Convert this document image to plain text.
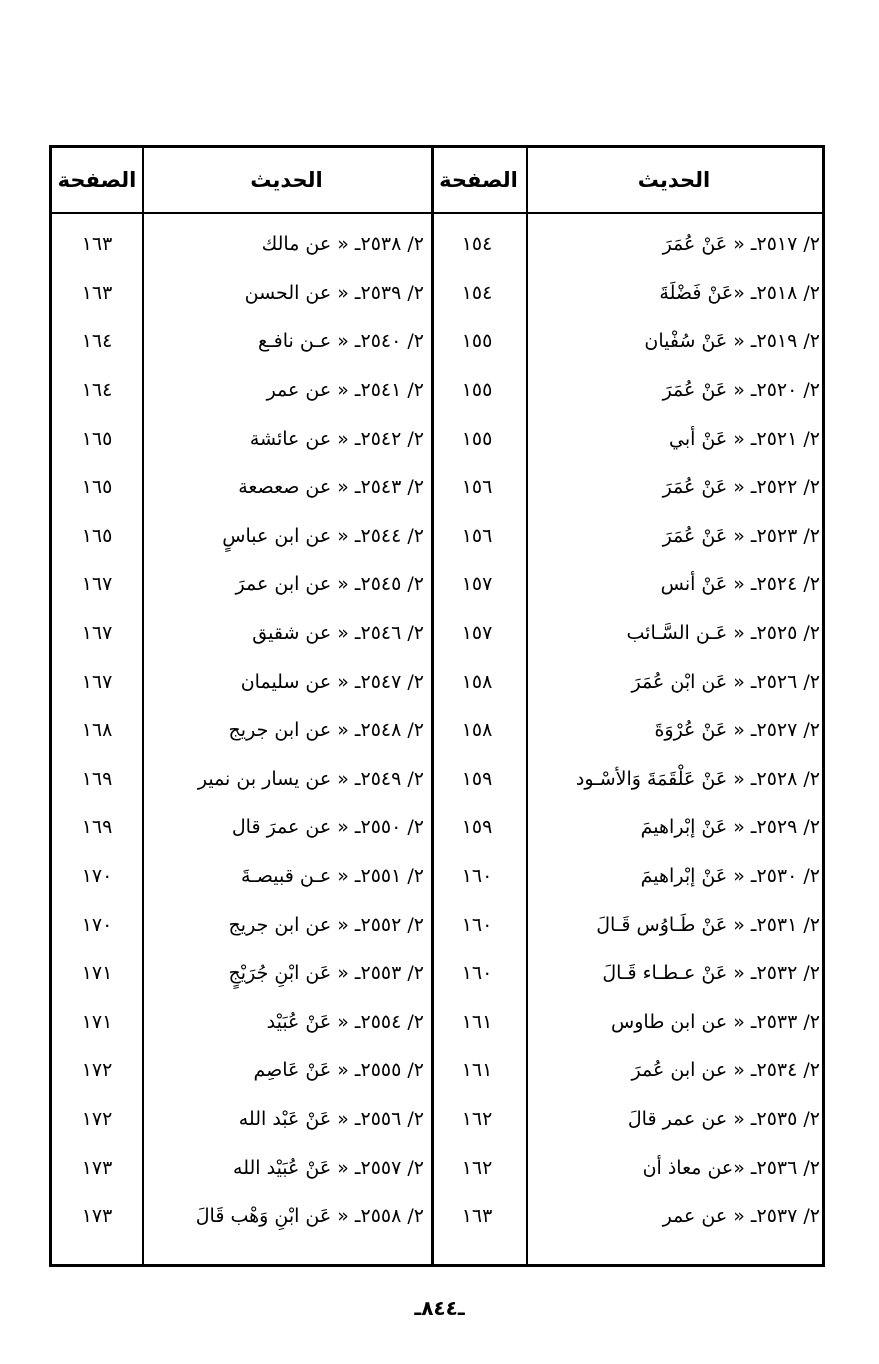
الحديث
الصفحة
الحديث
الصفحة
٢/ ٢٥١٧ـ « عَنْ عُمَرَ
١٥٤
٢/ ٢٥٣٨ـ « عن مالك
١٦٣
٢/ ٢٥١٨ـ «عَنْ فَضْلَةَ
١٥٤
٢/ ٢٥٣٩ـ « عن الحسن
١٦٣
٢/ ٢٥١٩ـ « عَنْ سُفْيان
١٥٥
٢/ ٢٥٤٠ـ « عـن نافـع
١٦٤
٢/ ٢٥٢٠ـ « عَنْ عُمَرَ
١٥٥
٢/ ٢٥٤١ـ « عن عمر
١٦٤
٢/ ٢٥٢١ـ « عَنْ أبي
١٥٥
٢/ ٢٥٤٢ـ « عن عائشة
١٦٥
٢/ ٢٥٢٢ـ « عَنْ عُمَرَ
١٥٦
٢/ ٢٥٤٣ـ « عن صعصعة
١٦٥
٢/ ٢٥٢٣ـ « عَنْ عُمَرَ
١٥٦
٢/ ٢٥٤٤ـ « عن ابن عباسٍ
١٦٥
٢/ ٢٥٢٤ـ « عَنْ أنس
١٥٧
٢/ ٢٥٤٥ـ « عن ابن عمرَ
١٦٧
٢/ ٢٥٢٥ـ « عَـن السَّـائب
١٥٧
٢/ ٢٥٤٦ـ « عن شقيق
١٦٧
٢/ ٢٥٢٦ـ « عَن ابْن عُمَرَ
١٥٨
٢/ ٢٥٤٧ـ « عن سليمان
١٦٧
٢/ ٢٥٢٧ـ « عَنْ عُرْوَةَ
١٥٨
٢/ ٢٥٤٨ـ « عن ابن جريج
١٦٨
٢/ ٢٥٢٨ـ « عَنْ عَلْقَمَةَ وَالأسْـود
١٥٩
٢/ ٢٥٤٩ـ « عن يسار بن نمير
١٦٩
٢/ ٢٥٢٩ـ « عَنْ إبْراهيمَ
١٥٩
٢/ ٢٥٥٠ـ « عن عمرَ قال
١٦٩
٢/ ٢٥٣٠ـ « عَنْ إبْراهيمَ
١٦٠
٢/ ٢٥٥١ـ « عـن قبيصـةَ
١٧٠
٢/ ٢٥٣١ـ « عَنْ طَـاوُس قَـالَ
١٦٠
٢/ ٢٥٥٢ـ « عن ابن جريج
١٧٠
٢/ ٢٥٣٢ـ « عَنْ عـطـاء قَـالَ
١٦٠
٢/ ٢٥٥٣ـ « عَن ابْنِ جُرَيْجٍ
١٧١
٢/ ٢٥٣٣ـ « عن ابن طاوس
١٦١
٢/ ٢٥٥٤ـ « عَنْ عُبَيْد
١٧١
٢/ ٢٥٣٤ـ « عن ابن عُمرَ
١٦١
٢/ ٢٥٥٥ـ « عَنْ عَاصِم
١٧٢
٢/ ٢٥٣٥ـ « عن عمر قالَ
١٦٢
٢/ ٢٥٥٦ـ « عَنْ عَبْد الله
١٧٢
٢/ ٢٥٣٦ـ «عن معاذ أن
١٦٢
٢/ ٢٥٥٧ـ « عَنْ عُبَيْد الله
١٧٣
٢/ ٢٥٣٧ـ « عن عمر
١٦٣
٢/ ٢٥٥٨ـ « عَن ابْنِ وَهْب قَالَ
١٧٣
ـ٨٤٤ـ
